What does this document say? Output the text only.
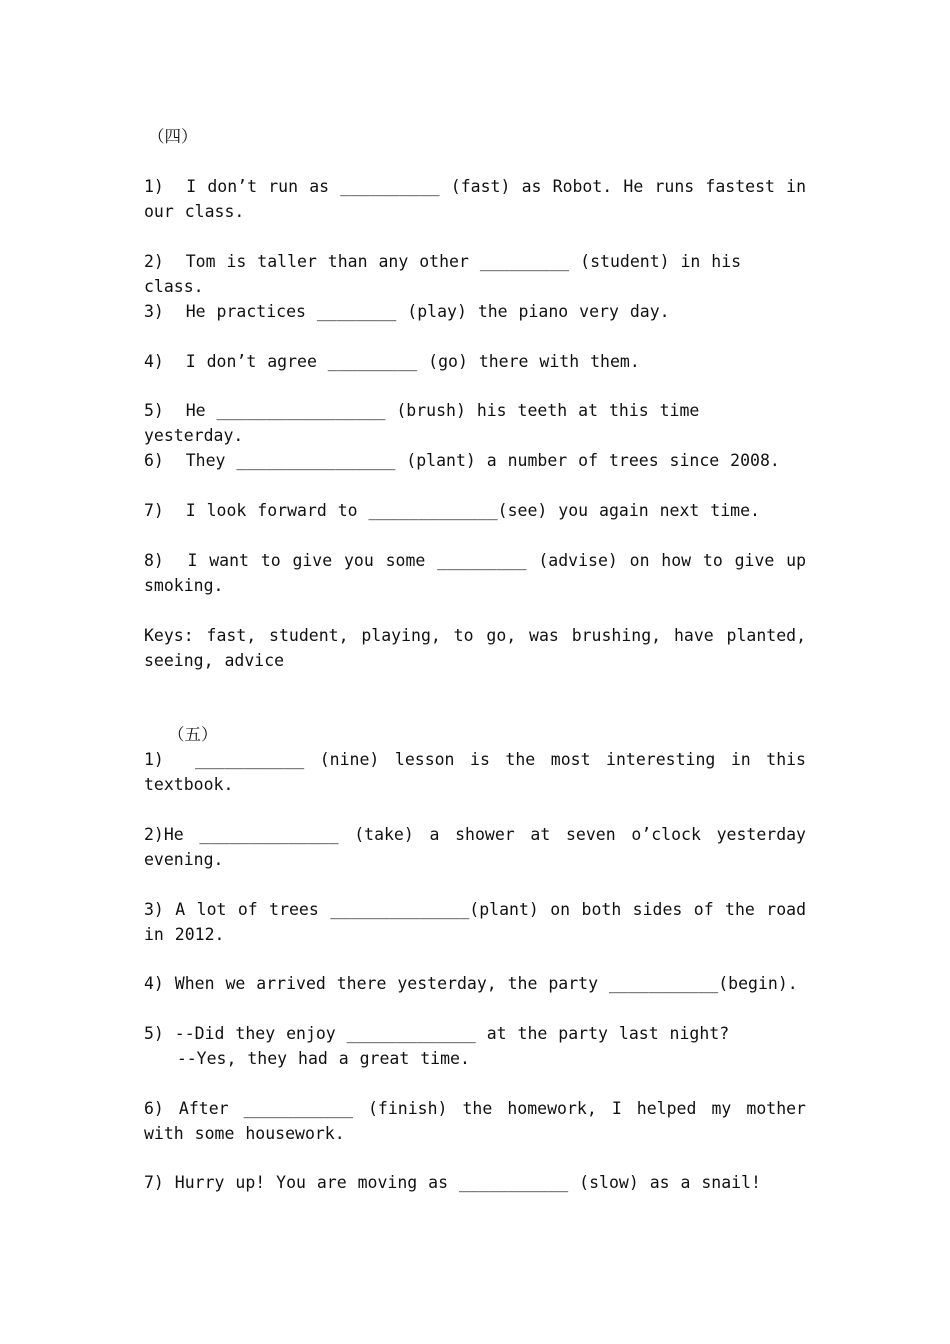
（四）
1)  I don’t run as __________ (fast) as Robot. He runs fastest in our class.
2)  Tom is taller than any other _________ (student) in his class.
3)  He practices ________ (play) the piano very day.
4)  I don’t agree _________ (go) there with them.
5)  He _________________ (brush) his teeth at this time yesterday.
6)  They ________________ (plant) a number of trees since 2008.
7)  I look forward to _____________(see) you again next time.
8)  I want to give you some _________ (advise) on how to give up smoking.
Keys: fast, student, playing, to go, was brushing, have planted, seeing, advice
（五）
1)  ___________ (nine) lesson is the most interesting in this textbook.
2)He ______________ (take) a shower at seven o’clock yesterday evening.
3) A lot of trees ______________(plant) on both sides of the road in 2012.
4) When we arrived there yesterday, the party ___________(begin).
5) --Did they enjoy _____________ at the party last night?
--Yes, they had a great time.
6) After ___________ (finish) the homework, I helped my mother with some housework.
7) Hurry up! You are moving as ___________ (slow) as a snail!
